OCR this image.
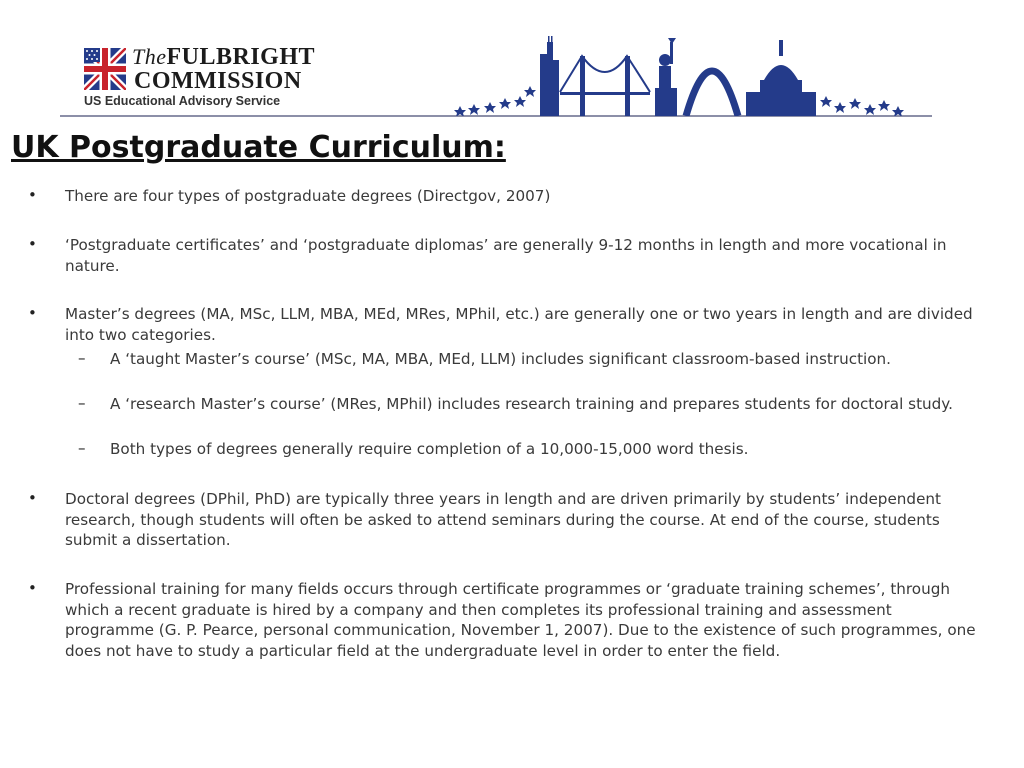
TheFULBRIGHT
COMMISSION
US Educational Advisory Service
UK Postgraduate Curriculum:
• There are four types of postgraduate degrees (Directgov, 2007)
• ‘Postgraduate certificates’ and ‘postgraduate diplomas’ are generally 9-12 months in length and more vocational in nature.
• Master’s degrees (MA, MSc, LLM, MBA, MEd, MRes, MPhil, etc.) are generally one or two years in length and are divided into two categories.
– A ‘taught Master’s course’ (MSc, MA, MBA, MEd, LLM) includes significant classroom-based instruction.
– A ‘research Master’s course’ (MRes, MPhil) includes research training and prepares students for doctoral study.
– Both types of degrees generally require completion of a 10,000-15,000 word thesis.
• Doctoral degrees (DPhil, PhD) are typically three years in length and are driven primarily by students’ independent research, though students will often be asked to attend seminars during the course. At end of the course, students submit a dissertation.
• Professional training for many fields occurs through certificate programmes or ‘graduate training schemes’, through which a recent graduate is hired by a company and then completes its professional training and assessment programme (G. P. Pearce, personal communication, November 1, 2007). Due to the existence of such programmes, one does not have to study a particular field at the undergraduate level in order to enter the field.
